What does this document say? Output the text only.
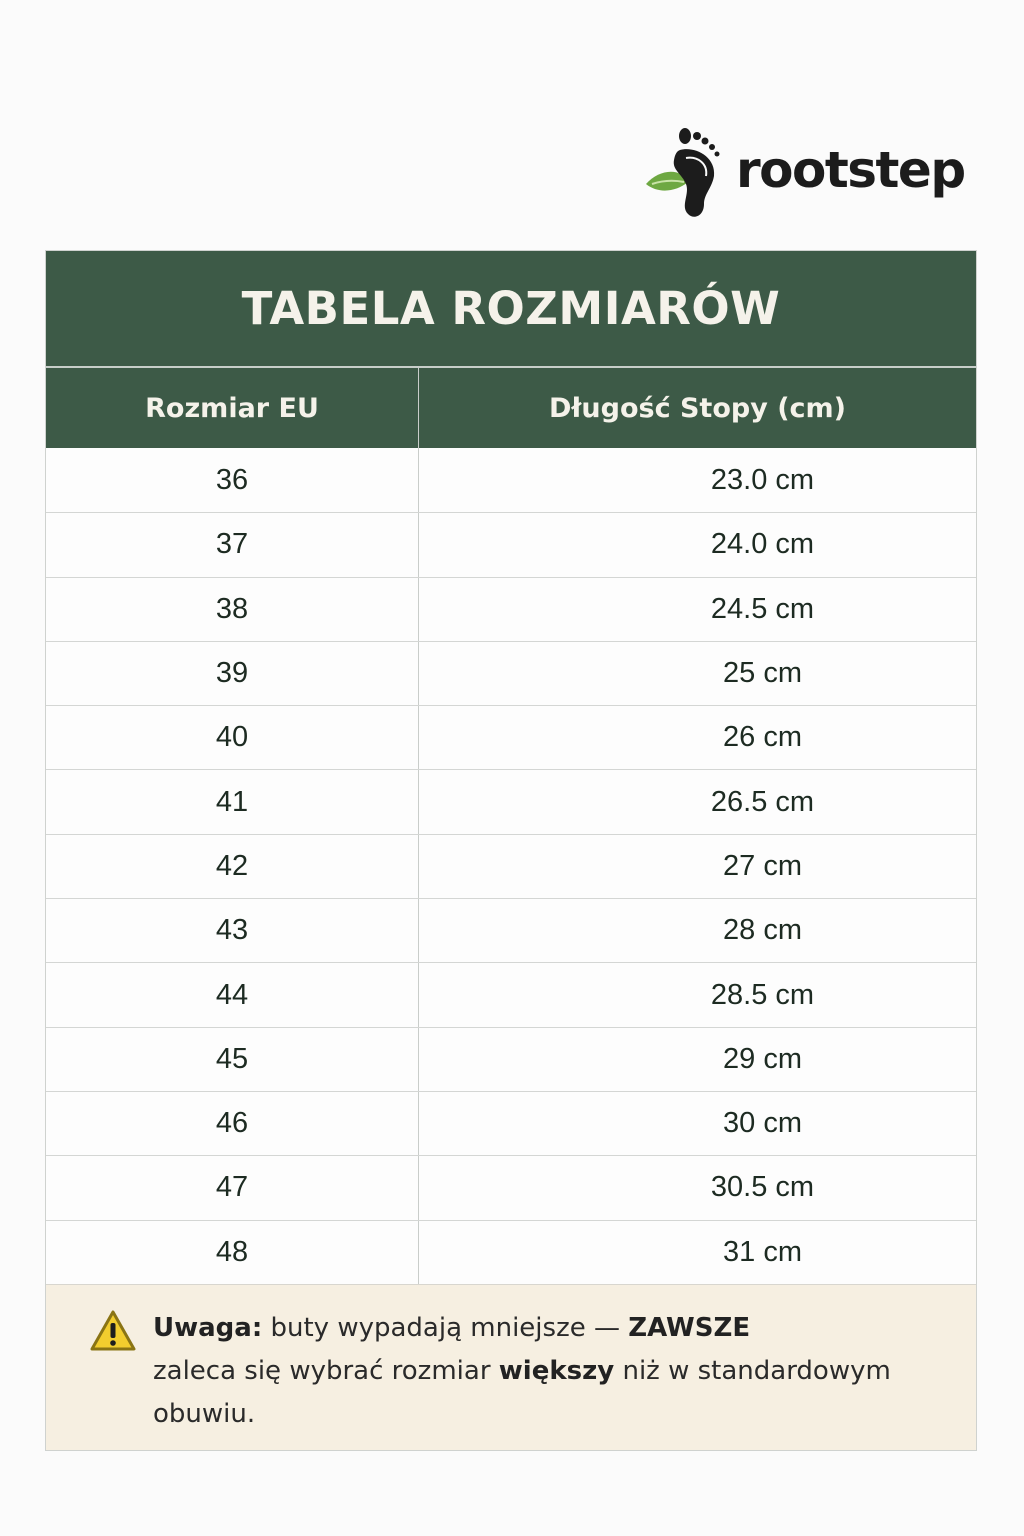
rootstep
TABELA ROZMIARÓW
Rozmiar EU	Długość Stopy (cm)
36	23.0 cm
37	24.0 cm
38	24.5 cm
39	25 cm
40	26 cm
41	26.5 cm
42	27 cm
43	28 cm
44	28.5 cm
45	29 cm
46	30 cm
47	30.5 cm
48	31 cm

Uwaga: buty wypadają mniejsze — ZAWSZE
zaleca się wybrać rozmiar większy niż w standardowym obuwiu.
